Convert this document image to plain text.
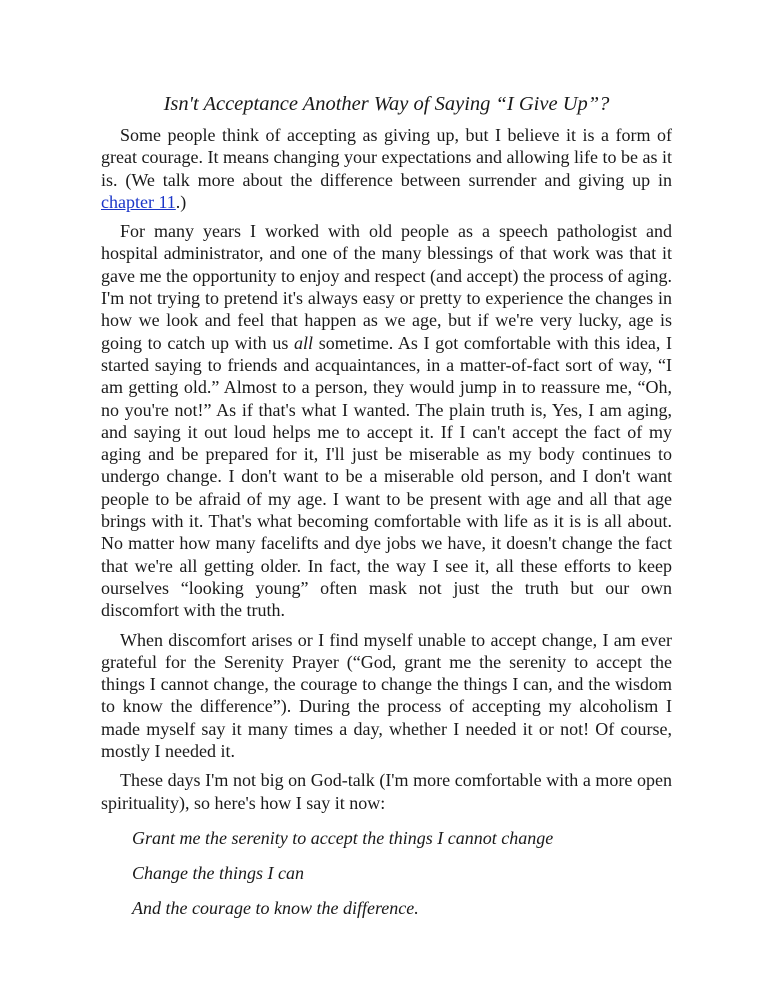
Isn't Acceptance Another Way of Saying “I Give Up”?

Some people think of accepting as giving up, but I believe it is a form of great courage. It means changing your expectations and allowing life to be as it is. (We talk more about the difference between surrender and giving up in chapter 11.)

For many years I worked with old people as a speech pathologist and hospital administrator, and one of the many blessings of that work was that it gave me the opportunity to enjoy and respect (and accept) the process of aging. I'm not trying to pretend it's always easy or pretty to experience the changes in how we look and feel that happen as we age, but if we're very lucky, age is going to catch up with us all sometime. As I got comfortable with this idea, I started saying to friends and acquaintances, in a matter-of-fact sort of way, “I am getting old.” Almost to a person, they would jump in to reassure me, “Oh, no you're not!” As if that's what I wanted. The plain truth is, Yes, I am aging, and saying it out loud helps me to accept it. If I can't accept the fact of my aging and be prepared for it, I'll just be miserable as my body continues to undergo change. I don't want to be a miserable old person, and I don't want people to be afraid of my age. I want to be present with age and all that age brings with it. That's what becoming comfortable with life as it is is all about. No matter how many facelifts and dye jobs we have, it doesn't change the fact that we're all getting older. In fact, the way I see it, all these efforts to keep ourselves “looking young” often mask not just the truth but our own discomfort with the truth.

When discomfort arises or I find myself unable to accept change, I am ever grateful for the Serenity Prayer (“God, grant me the serenity to accept the things I cannot change, the courage to change the things I can, and the wisdom to know the difference”). During the process of accepting my alcoholism I made myself say it many times a day, whether I needed it or not! Of course, mostly I needed it.

These days I'm not big on God-talk (I'm more comfortable with a more open spirituality), so here's how I say it now:

Grant me the serenity to accept the things I cannot change
Change the things I can
And the courage to know the difference.
